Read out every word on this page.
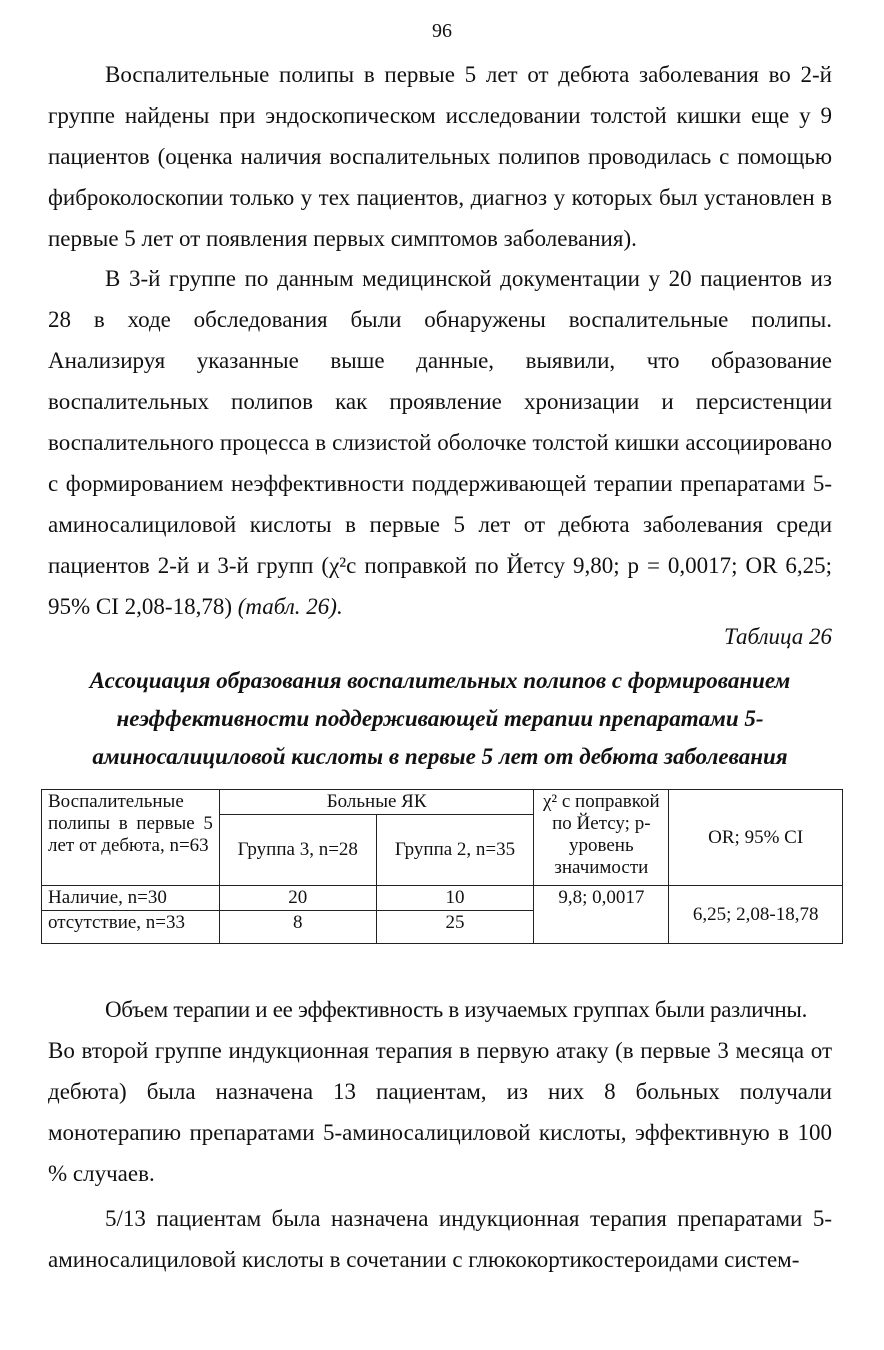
96

Воспалительные полипы в первые 5 лет от дебюта заболевания во 2-й группе найдены при эндоскопическом исследовании толстой кишки еще у 9 пациентов (оценка наличия воспалительных полипов проводилась с помощью фиброколоскопии только у тех пациентов, диагноз у которых был установлен в первые 5 лет от появления первых симптомов заболевания).

В 3-й группе по данным медицинской документации у 20 пациентов из 28 в ходе обследования были обнаружены воспалительные полипы. Анализируя указанные выше данные, выявили, что образование воспалительных полипов как проявление хронизации и персистенции воспалительного процесса в слизистой оболочке толстой кишки ассоциировано с формированием неэффективности поддерживающей терапии препаратами 5-аминосалициловой кислоты в первые 5 лет от дебюта заболевания среди пациентов 2-й и 3-й групп (χ²с поправкой по Йетсу 9,80; р = 0,0017; OR 6,25; 95% CI 2,08-18,78) (табл. 26).

Таблица 26

Ассоциация образования воспалительных полипов с формированием неэффективности поддерживающей терапии препаратами 5-аминосалициловой кислоты в первые 5 лет от дебюта заболевания

Воспалительные полипы в первые 5 лет от дебюта, n=63	Больные ЯК		χ² с поправкой по Йетсу; р-уровень значимости	OR; 95% CI
	Группа 3, n=28	Группа 2, n=35		
Наличие, n=30	20	10	9,8; 0,0017	6,25; 2,08-18,78
отсутствие, n=33	8	25		

Объем терапии и ее эффективность в изучаемых группах были различны.

Во второй группе индукционная терапия в первую атаку (в первые 3 месяца от дебюта) была назначена 13 пациентам, из них 8 больных получали монотерапию препаратами 5-аминосалициловой кислоты, эффективную в 100 % случаев.

5/13 пациентам была назначена индукционная терапия препаратами 5-аминосалициловой кислоты в сочетании с глюкокортикостероидами систем-
